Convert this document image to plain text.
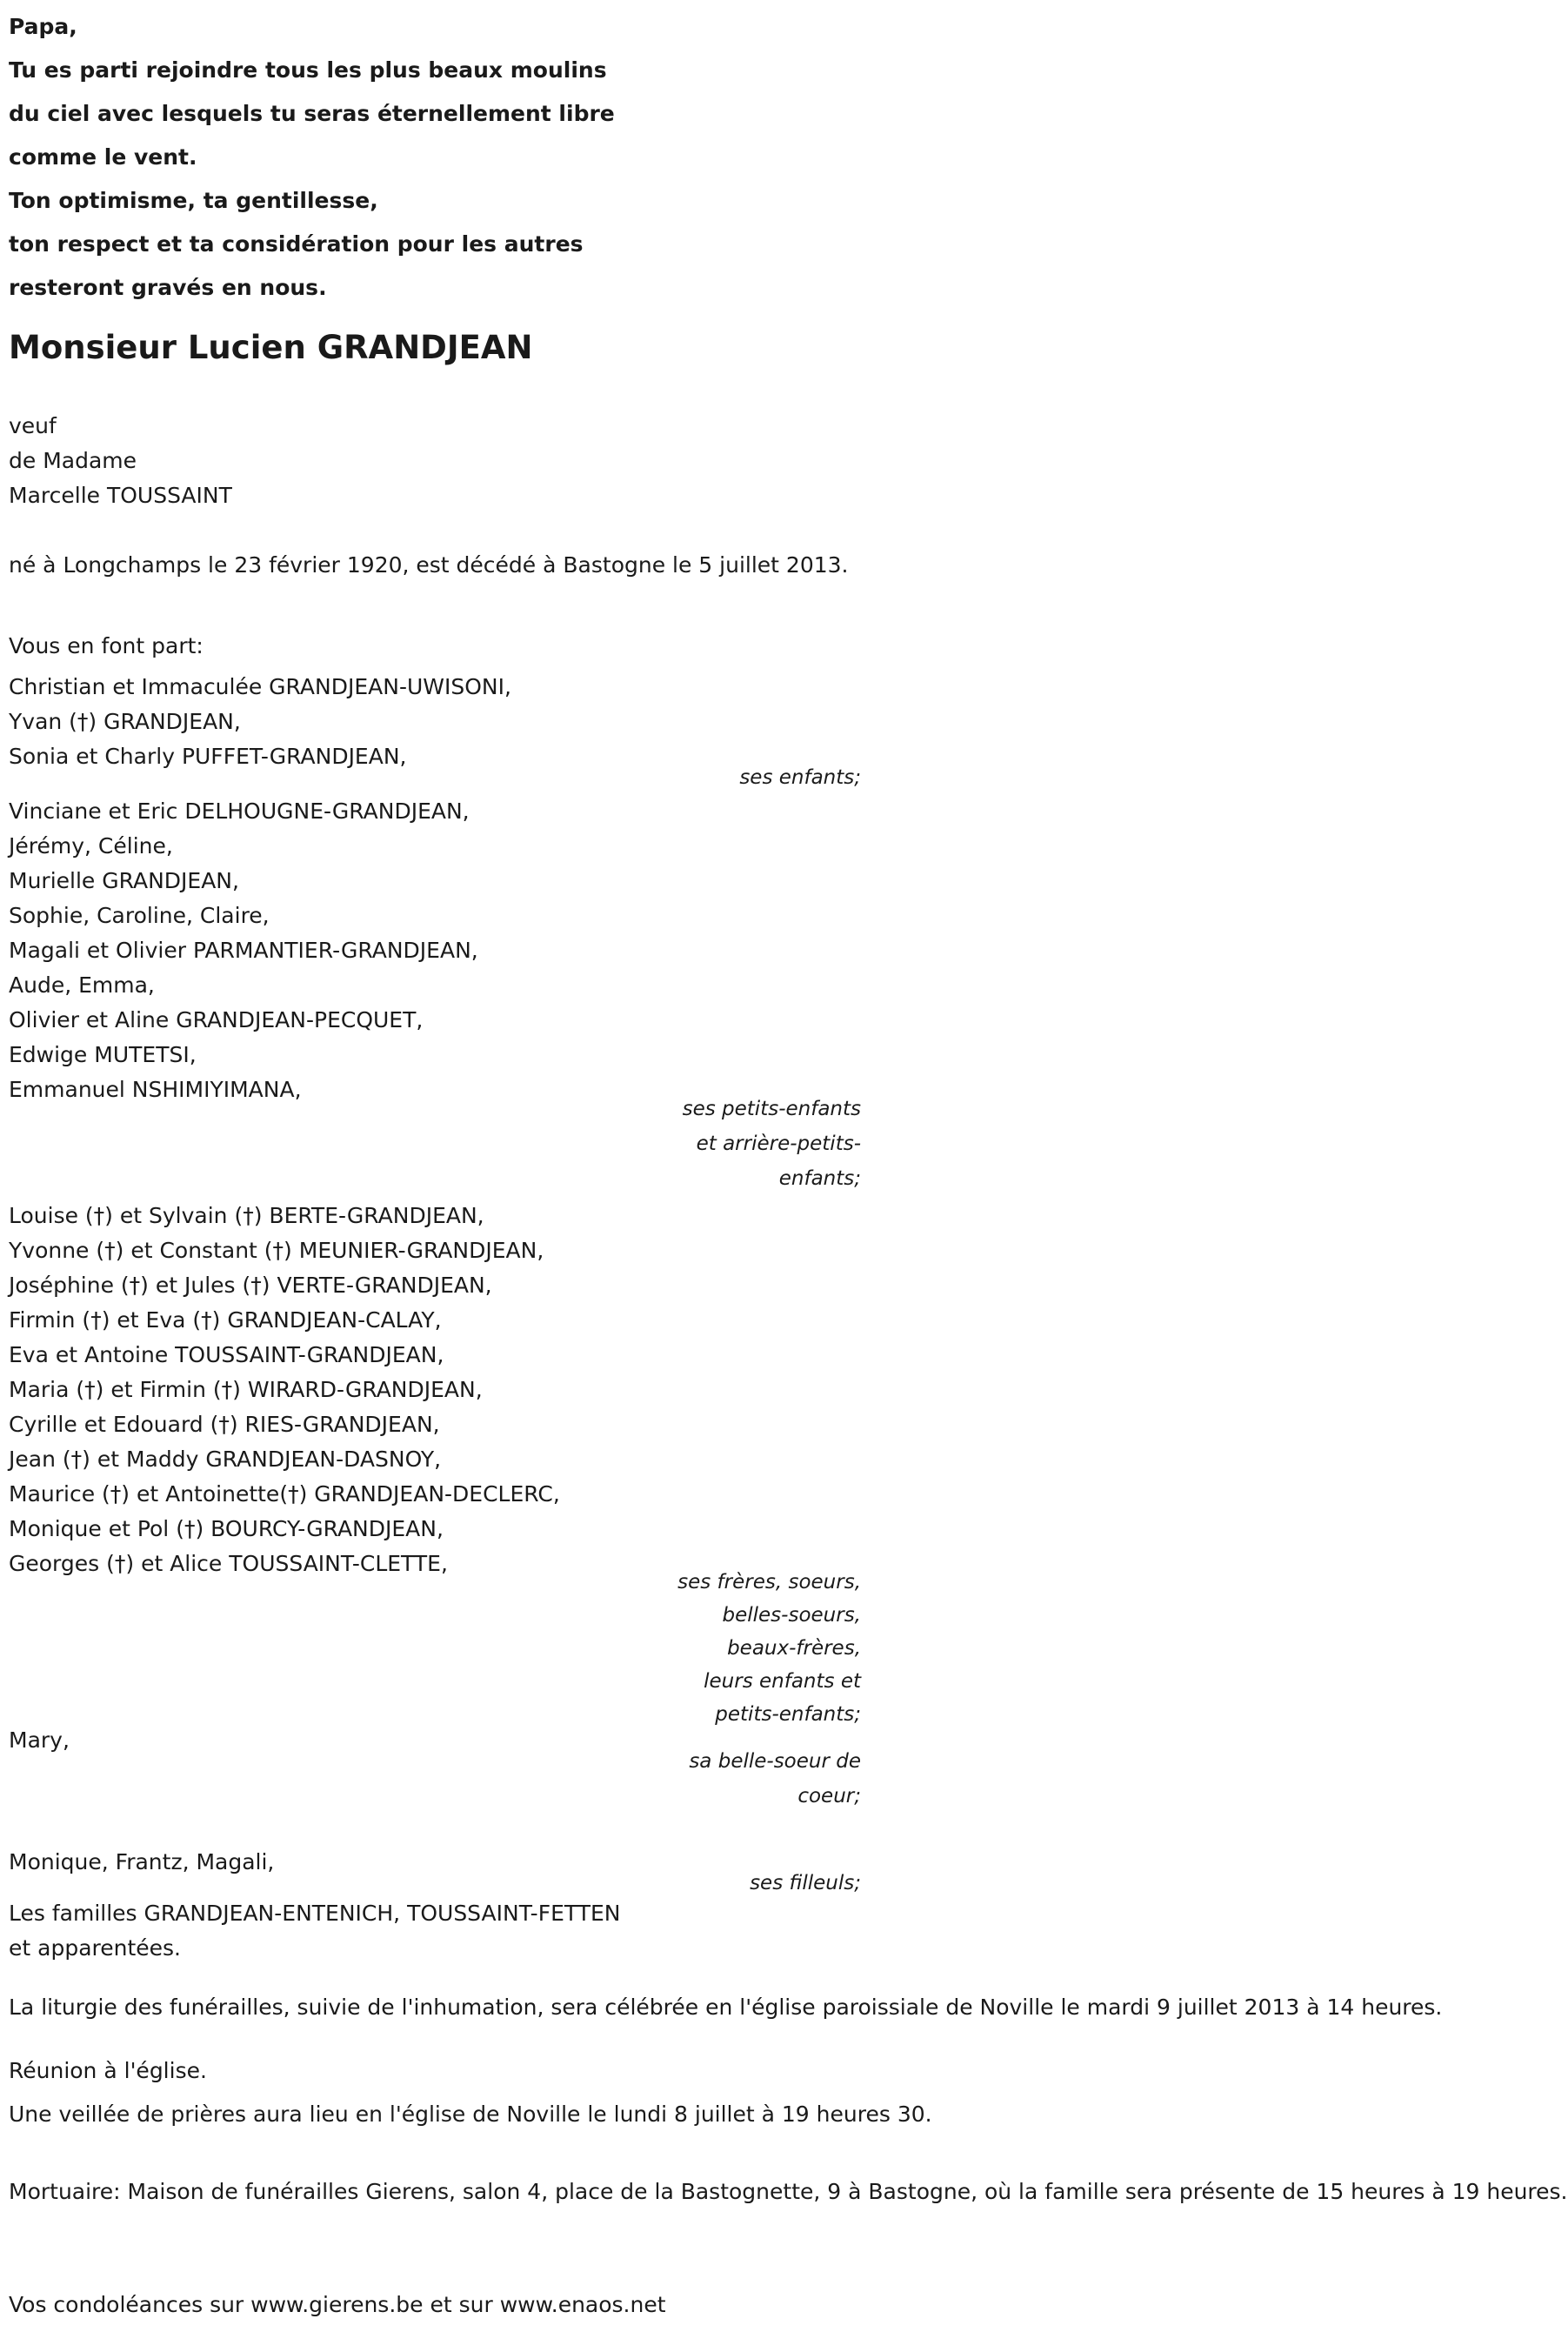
Papa,
Tu es parti rejoindre tous les plus beaux moulins
du ciel avec lesquels tu seras éternellement libre
comme le vent.
Ton optimisme, ta gentillesse,
ton respect et ta considération pour les autres
resteront gravés en nous.
Monsieur Lucien GRANDJEAN
veuf
de Madame
Marcelle TOUSSAINT
né à Longchamps le 23 février 1920, est décédé à Bastogne le 5 juillet 2013.
Vous en font part:
Christian et Immaculée GRANDJEAN-UWISONI,
Yvan (†) GRANDJEAN,
Sonia et Charly PUFFET-GRANDJEAN,
ses enfants;
Vinciane et Eric DELHOUGNE-GRANDJEAN,
Jérémy, Céline,
Murielle GRANDJEAN,
Sophie, Caroline, Claire,
Magali et Olivier PARMANTIER-GRANDJEAN,
Aude, Emma,
Olivier et Aline GRANDJEAN-PECQUET,
Edwige MUTETSI,
Emmanuel NSHIMIYIMANA,
ses petits-enfants
et arrière-petits-
enfants;
Louise (†) et Sylvain (†) BERTE-GRANDJEAN,
Yvonne (†) et Constant (†) MEUNIER-GRANDJEAN,
Joséphine (†) et Jules (†) VERTE-GRANDJEAN,
Firmin (†) et Eva (†) GRANDJEAN-CALAY,
Eva et Antoine TOUSSAINT-GRANDJEAN,
Maria (†) et Firmin (†) WIRARD-GRANDJEAN,
Cyrille et Edouard (†) RIES-GRANDJEAN,
Jean (†) et Maddy GRANDJEAN-DASNOY,
Maurice (†) et Antoinette(†) GRANDJEAN-DECLERC,
Monique et Pol (†) BOURCY-GRANDJEAN,
Georges (†) et Alice TOUSSAINT-CLETTE,
ses frères, soeurs,
belles-soeurs,
beaux-frères,
leurs enfants et
petits-enfants;
Mary,
sa belle-soeur de
coeur;
Monique, Frantz, Magali,
ses filleuls;
Les familles GRANDJEAN-ENTENICH, TOUSSAINT-FETTEN
et apparentées.
La liturgie des funérailles, suivie de l'inhumation, sera célébrée en l'église paroissiale de Noville le mardi 9 juillet 2013 à 14 heures.
Réunion à l'église.
Une veillée de prières aura lieu en l'église de Noville le lundi 8 juillet à 19 heures 30.
Mortuaire: Maison de funérailles Gierens, salon 4, place de la Bastognette, 9 à Bastogne, où la famille sera présente de 15 heures à 19 heures.
Vos condoléances sur www.gierens.be et sur www.enaos.net
